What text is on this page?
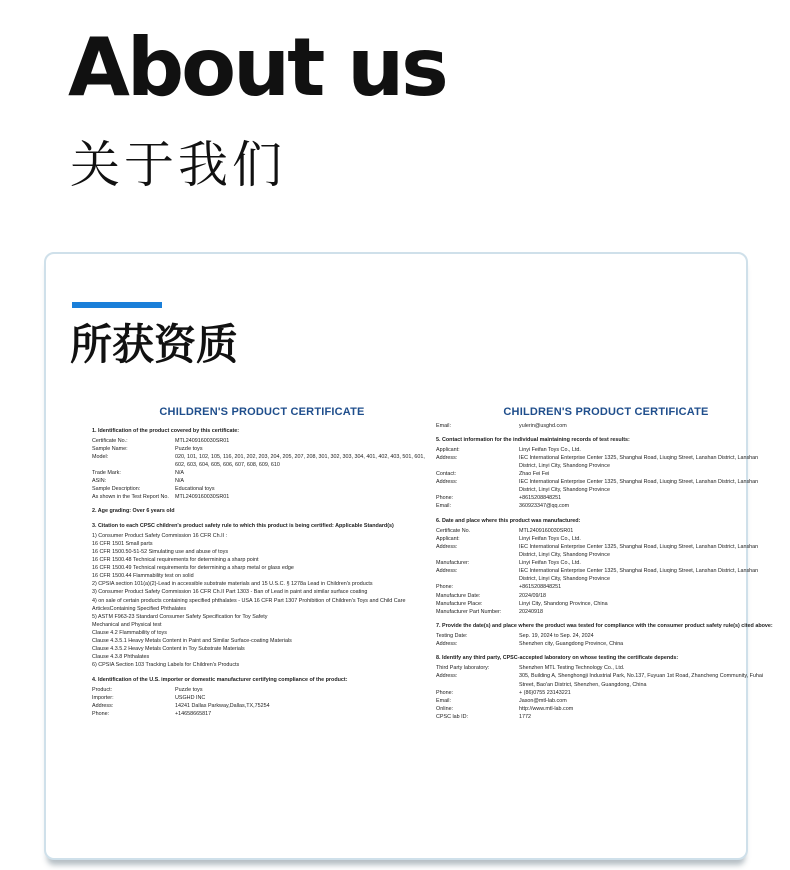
About us
关于我们
所获资质
CHILDREN'S PRODUCT CERTIFICATE
1. Identification of the product covered by this certificate:
Certificate No.:	MTL2409160030SR01
Sample Name:	Puzzle toys
Model:	020, 101, 102, 105, 116, 201, 202, 203, 204, 205, 207, 208, 301, 302, 303, 304, 401, 402, 403, 501, 601, 602, 603, 604, 605, 606, 607, 608, 609, 610
Trade Mark:	N/A
ASIN:	N/A
Sample Description:	Educational toys
As shown in the Test Report No.	MTL2409160030SR01
2. Age grading: Over 6 years old
3. Citation to each CPSC children's product safety rule to which this product is being certified: Applicable Standard(s)
1) Consumer Product Safety Commission 16 CFR Ch.II :
16 CFR 1501 Small parts
16 CFR 1500.50-51-52 Simulating use and abuse of toys
16 CFR 1500.48 Technical requirements for determining a sharp point
16 CFR 1500.49 Technical requirements for determining a sharp metal or glass edge
16 CFR 1500.44 Flammability test on solid
2) CPSIA section 101(a)(2)-Lead in accessible substrate materials and 15 U.S.C. § 1278a Lead in Children's products
3) Consumer Product Safety Commission 16 CFR Ch.II Part 1303 - Ban of Lead in paint and similar surface coating
4) on sale of certain products containing specified phthalates - USA 16 CFR Part 1307 Prohibition of Children's Toys and Child Care ArticlesContaining Specified Phthalates
5) ASTM F963-23 Standard Consumer Safety Specification for Toy Safety
Mechanical and Physical test
Clause 4.2 Flammability of toys
Clause 4.3.5.1 Heavy Metals Content in Paint and Similar Surface-coating Materials
Clause 4.3.5.2 Heavy Metals Content in Toy Substrate Materials
Clause 4.3.8 Phthalates
6) CPSIA Section 103 Tracking Labels for Children's Products
4. Identification of the U.S. importer or domestic manufacturer certifying compliance of the product:
Product:	Puzzle toys
Importer:	USGHD INC
Address:	14241 Dallas Parkway,Dallas,TX,75254
Phone:	+14658665817
CHILDREN'S PRODUCT CERTIFICATE
Email:	yulerin@usghd.com
5. Contact information for the individual maintaining records of test results:
Applicant:	Linyi Feifan Toys Co., Ltd.
Address:	IEC International Enterprise Center 1325, Shanghai Road, Liuqing Street, Lanshan District, Lanshan District, Linyi City, Shandong Province
Contact:	Zhao Fei Fei
Address:	IEC International Enterprise Center 1325, Shanghai Road, Liuqing Street, Lanshan District, Lanshan District, Linyi City, Shandong Province
Phone:	+8615208848251
Email:	360923347@qq.com
6. Date and place where this product was manufactured:
Certificate No.	MTL2409160030SR01
Applicant:	Linyi Feifan Toys Co., Ltd.
Address:	IEC International Enterprise Center 1325, Shanghai Road, Liuqing Street, Lanshan District, Lanshan District, Linyi City, Shandong Province
Manufacturer:	Linyi Feifan Toys Co., Ltd.
Address:	IEC International Enterprise Center 1325, Shanghai Road, Liuqing Street, Lanshan District, Lanshan District, Linyi City, Shandong Province
Phone:	+8615208848251
Manufacture Date:	2024/09/18
Manufacture Place:	Linyi City, Shandong Province, China
Manufacturer Part Number:	20240918
7. Provide the date(s) and place where the product was tested for compliance with the consumer product safety rule(s) cited above:
Testing Date:	Sep. 19, 2024 to Sep. 24, 2024
Address:	Shenzhen city, Guangdong Province, China
8. Identify any third party, CPSC-accepted laboratory on whose testing the certificate depends:
Third Party laboratory:	Shenzhen MTL Testing Technology Co., Ltd.
Address:	305, Building A, Shenghongji Industrial Park, No.137, Fuyuan 1st Road, Zhancheng Community, Fuhai Street, Bao'an District, Shenzhen, Guangdong, China
Phone:	+ (86)0755 23143221
Email:	Jason@mtl-lab.com
Online:	http://www.mtl-lab.com
CPSC lab ID:	1772
